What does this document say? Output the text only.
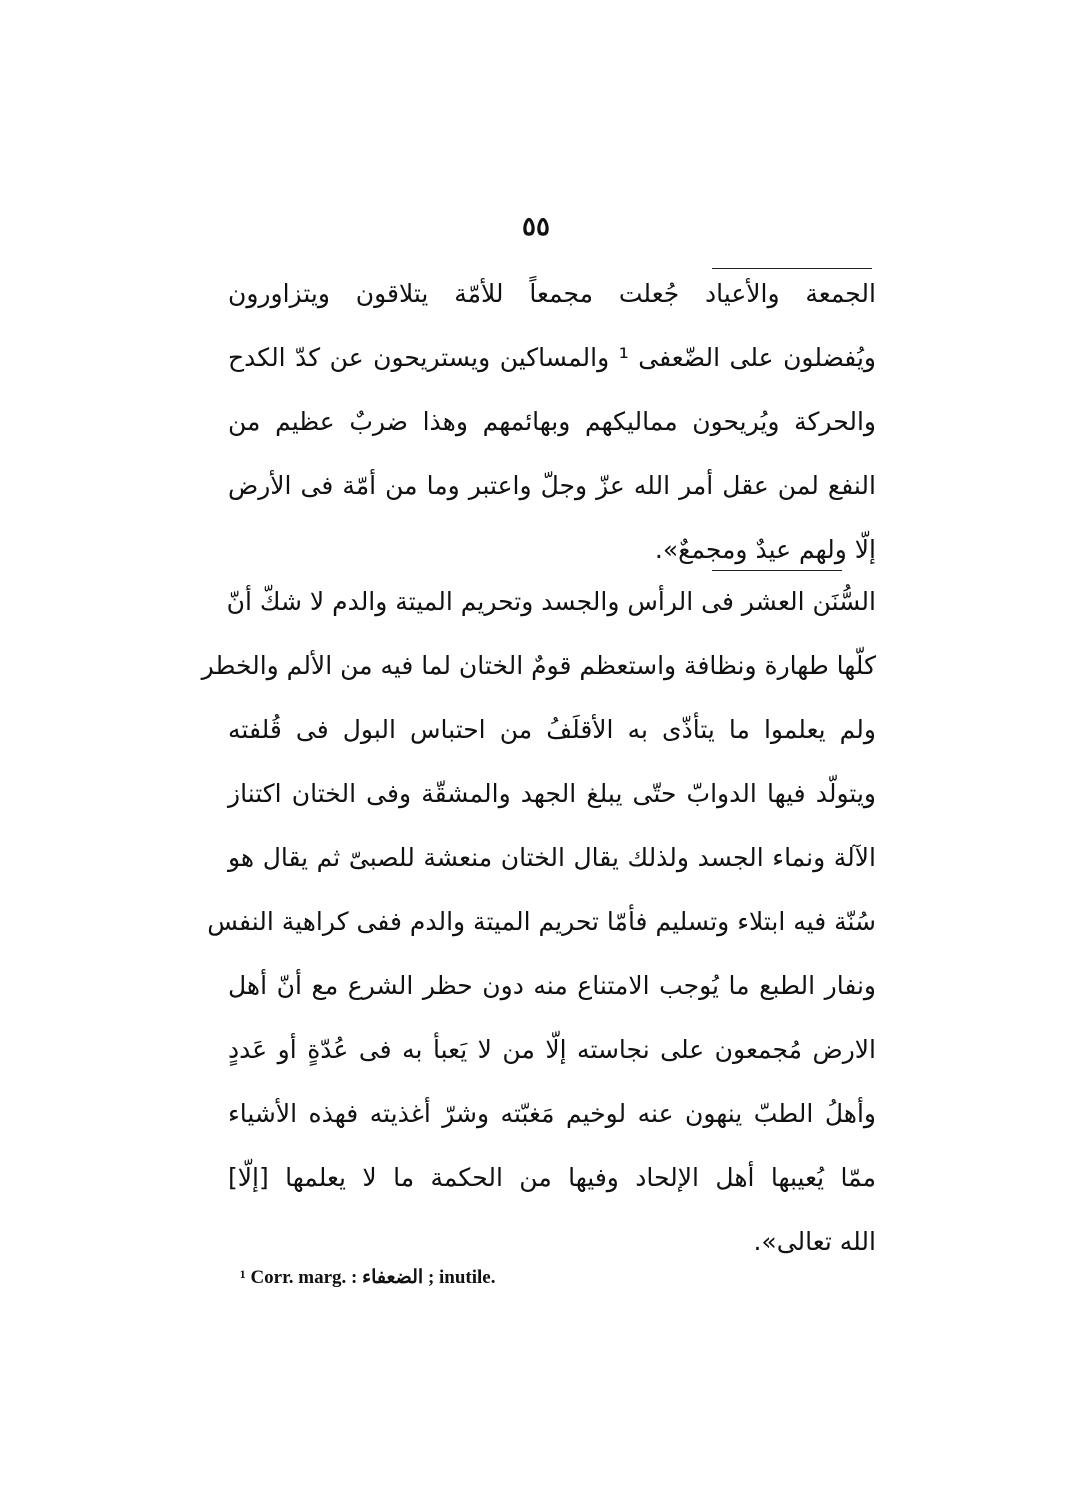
٥٥
الجمعة والأعياد جُعلت مجمعاً للأمّة يتلاقون ويتزاورون
ويُفضلون على الضّعفى ¹ والمساكين ويستريحون عن كدّ الكدح
والحركة ويُريحون مماليكهم وبهائمهم وهذا ضربٌ عظيم من
النفع لمن عقل أمر الله عزّ وجلّ واعتبر وما من أمّة فى الأرض
إلّا ولهم عيدٌ ومجمعٌ».
السُّنَن العشر فى الرأس والجسد وتحريم الميتة والدم لا شكّ أنّ
كلّها طهارة ونظافة واستعظم قومٌ الختان لما فيه من الألم والخطر
ولم يعلموا ما يتأذّى به الأقلَفُ من احتباس البول فى قُلفته
ويتولّد فيها الدوابّ حتّى يبلغ الجهد والمشقّة وفى الختان اكتناز
الآلة ونماء الجسد ولذلك يقال الختان منعشة للصبىّ ثم يقال هو
سُنّة فيه ابتلاء وتسليم فأمّا تحريم الميتة والدم ففى كراهية النفس
ونفار الطبع ما يُوجب الامتناع منه دون حظر الشرع مع أنّ أهل
الارض مُجمعون على نجاسته إلّا من لا يَعبأ به فى عُدّةٍ أو عَددٍ
وأهلُ الطبّ ينهون عنه لوخيم مَغبّته وشرّ أغذيته فهذه الأشياء
ممّا يُعيبها أهل الإلحاد وفيها من الحكمة ما لا يعلمها [إلّا]
الله تعالى».
¹ Corr. marg. : الضعفاء ; inutile.
